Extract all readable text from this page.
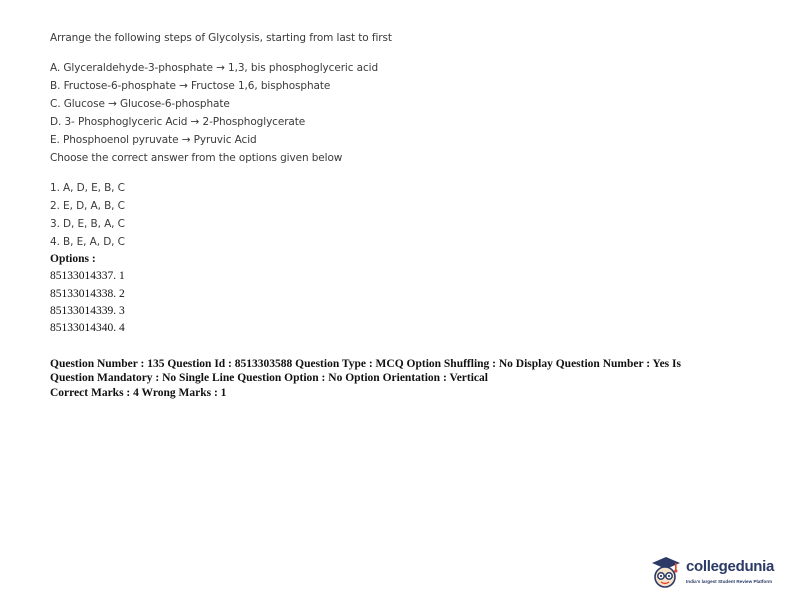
Arrange the following steps of Glycolysis, starting from last to first
A. Glyceraldehyde-3-phosphate → 1,3, bis phosphoglyceric acid
B. Fructose-6-phosphate → Fructose 1,6, bisphosphate
C. Glucose → Glucose-6-phosphate
D. 3- Phosphoglyceric Acid → 2-Phosphoglycerate
E. Phosphoenol pyruvate → Pyruvic Acid
Choose the correct answer from the options given below
1. A, D, E, B, C
2. E, D, A, B, C
3. D, E, B, A, C
4. B, E, A, D, C
Options :
85133014337. 1
85133014338. 2
85133014339. 3
85133014340. 4
Question Number : 135 Question Id : 8513303588 Question Type : MCQ Option Shuffling : No Display Question Number : Yes Is
Question Mandatory : No Single Line Question Option : No Option Orientation : Vertical
Correct Marks : 4 Wrong Marks : 1
collegedunia
India's largest Student Review Platform
